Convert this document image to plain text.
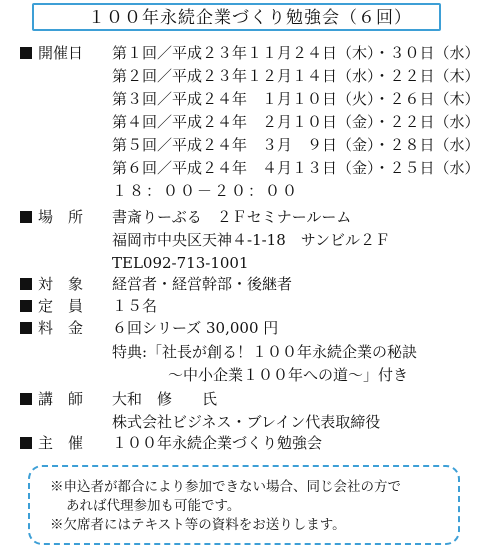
１００年永続企業づくり勉強会（６回）
開催日 第１回／平成２３年１１月２４日（木）・３０日（水）
第２回／平成２３年１２月１４日（水）・２２日（木）
第３回／平成２４年　１月１０日（火）・２６日（木）
第４回／平成２４年　２月１０日（金）・２２日（水）
第５回／平成２４年　３月　９日（金）・２８日（水）
第６回／平成２４年　４月１３日（金）・２５日（水）
１８：００－２０：００
場　所 書斎りーぶる　２Ｆセミナールーム
福岡市中央区天神４-1-18　サンビル２Ｆ
TEL092-713-1001
対　象 経営者・経営幹部・後継者
定　員 １５名
料　金 ６回シリーズ 30,000 円
特典:「社長が創る！１００年永続企業の秘訣
〜中小企業１００年への道〜」付き
講　師 大和　修　　氏
株式会社ビジネス・ブレイン代表取締役
主　催 １００年永続企業づくり勉強会
※申込者が都合により参加できない場合、同じ会社の方で
あれば代理参加も可能です。
※欠席者にはテキスト等の資料をお送りします。
